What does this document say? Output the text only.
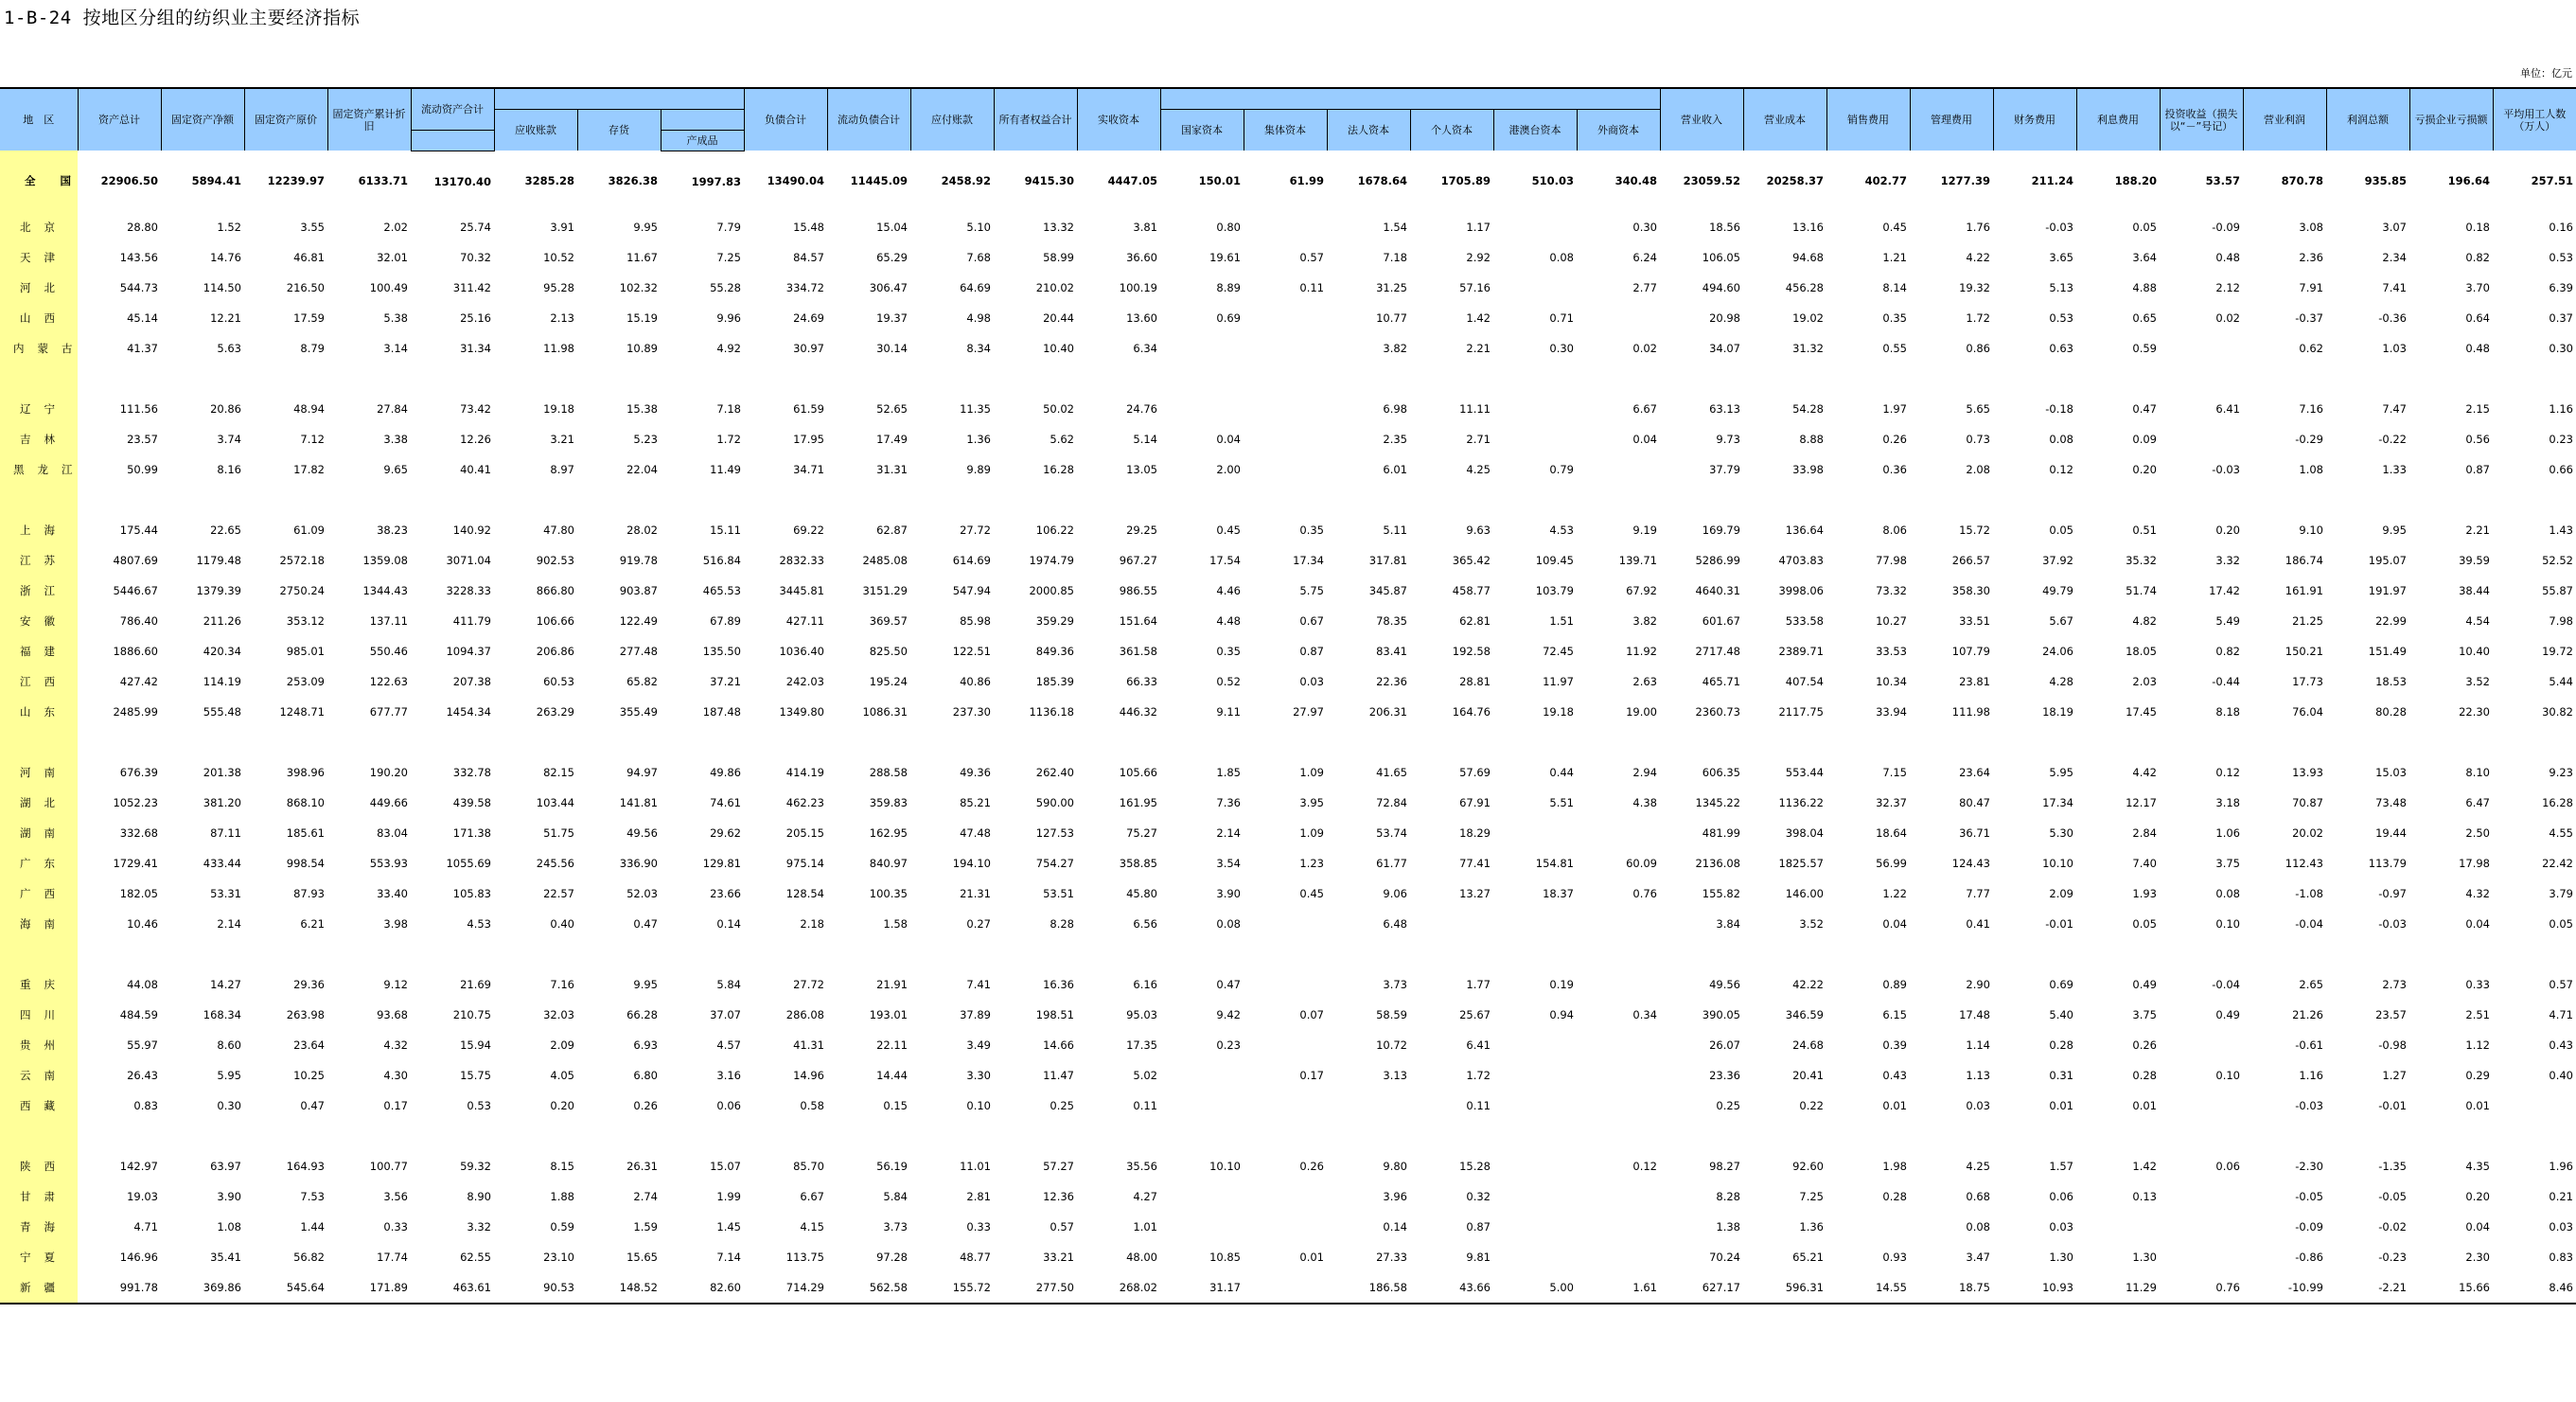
1-B-24 按地区分组的纺织业主要经济指标
单位：亿元
地　区	资产总计	固定资产净额	固定资产原价	固定资产累计折旧	流动资产合计				负债合计	流动负债合计	应付账款	所有者权益合计	实收资本							营业收入	营业成本	销售费用	管理费用	财务费用	利息费用	投资收益（损失以“－”号记）	营业利润	利润总额	亏损企业亏损额	平均用工人数（万人）
						应收账款	存货							国家资本	集体资本	法人资本	个人资本	港澳台资本	外商资本											
								产成品																						
全国	22906.50	5894.41	12239.97	6133.71	13170.40	3285.28	3826.38	1997.83	13490.04	11445.09	2458.92	9415.30	4447.05	150.01	61.99	1678.64	1705.89	510.03	340.48	23059.52	20258.37	402.77	1277.39	211.24	188.20	53.57	870.78	935.85	196.64	257.51
北京	28.80	1.52	3.55	2.02	25.74	3.91	9.95	7.79	15.48	15.04	5.10	13.32	3.81	0.80		1.54	1.17		0.30	18.56	13.16	0.45	1.76	-0.03	0.05	-0.09	3.08	3.07	0.18	0.16
天津	143.56	14.76	46.81	32.01	70.32	10.52	11.67	7.25	84.57	65.29	7.68	58.99	36.60	19.61	0.57	7.18	2.92	0.08	6.24	106.05	94.68	1.21	4.22	3.65	3.64	0.48	2.36	2.34	0.82	0.53
河北	544.73	114.50	216.50	100.49	311.42	95.28	102.32	55.28	334.72	306.47	64.69	210.02	100.19	8.89	0.11	31.25	57.16		2.77	494.60	456.28	8.14	19.32	5.13	4.88	2.12	7.91	7.41	3.70	6.39
山西	45.14	12.21	17.59	5.38	25.16	2.13	15.19	9.96	24.69	19.37	4.98	20.44	13.60	0.69		10.77	1.42	0.71		20.98	19.02	0.35	1.72	0.53	0.65	0.02	-0.37	-0.36	0.64	0.37
内蒙古	41.37	5.63	8.79	3.14	31.34	11.98	10.89	4.92	30.97	30.14	8.34	10.40	6.34			3.82	2.21	0.30	0.02	34.07	31.32	0.55	0.86	0.63	0.59		0.62	1.03	0.48	0.30

辽宁	111.56	20.86	48.94	27.84	73.42	19.18	15.38	7.18	61.59	52.65	11.35	50.02	24.76			6.98	11.11		6.67	63.13	54.28	1.97	5.65	-0.18	0.47	6.41	7.16	7.47	2.15	1.16
吉林	23.57	3.74	7.12	3.38	12.26	3.21	5.23	1.72	17.95	17.49	1.36	5.62	5.14	0.04		2.35	2.71		0.04	9.73	8.88	0.26	0.73	0.08	0.09		-0.29	-0.22	0.56	0.23
黑龙江	50.99	8.16	17.82	9.65	40.41	8.97	22.04	11.49	34.71	31.31	9.89	16.28	13.05	2.00		6.01	4.25	0.79		37.79	33.98	0.36	2.08	0.12	0.20	-0.03	1.08	1.33	0.87	0.66

上海	175.44	22.65	61.09	38.23	140.92	47.80	28.02	15.11	69.22	62.87	27.72	106.22	29.25	0.45	0.35	5.11	9.63	4.53	9.19	169.79	136.64	8.06	15.72	0.05	0.51	0.20	9.10	9.95	2.21	1.43
江苏	4807.69	1179.48	2572.18	1359.08	3071.04	902.53	919.78	516.84	2832.33	2485.08	614.69	1974.79	967.27	17.54	17.34	317.81	365.42	109.45	139.71	5286.99	4703.83	77.98	266.57	37.92	35.32	3.32	186.74	195.07	39.59	52.52
浙江	5446.67	1379.39	2750.24	1344.43	3228.33	866.80	903.87	465.53	3445.81	3151.29	547.94	2000.85	986.55	4.46	5.75	345.87	458.77	103.79	67.92	4640.31	3998.06	73.32	358.30	49.79	51.74	17.42	161.91	191.97	38.44	55.87
安徽	786.40	211.26	353.12	137.11	411.79	106.66	122.49	67.89	427.11	369.57	85.98	359.29	151.64	4.48	0.67	78.35	62.81	1.51	3.82	601.67	533.58	10.27	33.51	5.67	4.82	5.49	21.25	22.99	4.54	7.98
福建	1886.60	420.34	985.01	550.46	1094.37	206.86	277.48	135.50	1036.40	825.50	122.51	849.36	361.58	0.35	0.87	83.41	192.58	72.45	11.92	2717.48	2389.71	33.53	107.79	24.06	18.05	0.82	150.21	151.49	10.40	19.72
江西	427.42	114.19	253.09	122.63	207.38	60.53	65.82	37.21	242.03	195.24	40.86	185.39	66.33	0.52	0.03	22.36	28.81	11.97	2.63	465.71	407.54	10.34	23.81	4.28	2.03	-0.44	17.73	18.53	3.52	5.44
山东	2485.99	555.48	1248.71	677.77	1454.34	263.29	355.49	187.48	1349.80	1086.31	237.30	1136.18	446.32	9.11	27.97	206.31	164.76	19.18	19.00	2360.73	2117.75	33.94	111.98	18.19	17.45	8.18	76.04	80.28	22.30	30.82

河南	676.39	201.38	398.96	190.20	332.78	82.15	94.97	49.86	414.19	288.58	49.36	262.40	105.66	1.85	1.09	41.65	57.69	0.44	2.94	606.35	553.44	7.15	23.64	5.95	4.42	0.12	13.93	15.03	8.10	9.23
湖北	1052.23	381.20	868.10	449.66	439.58	103.44	141.81	74.61	462.23	359.83	85.21	590.00	161.95	7.36	3.95	72.84	67.91	5.51	4.38	1345.22	1136.22	32.37	80.47	17.34	12.17	3.18	70.87	73.48	6.47	16.28
湖南	332.68	87.11	185.61	83.04	171.38	51.75	49.56	29.62	205.15	162.95	47.48	127.53	75.27	2.14	1.09	53.74	18.29			481.99	398.04	18.64	36.71	5.30	2.84	1.06	20.02	19.44	2.50	4.55
广东	1729.41	433.44	998.54	553.93	1055.69	245.56	336.90	129.81	975.14	840.97	194.10	754.27	358.85	3.54	1.23	61.77	77.41	154.81	60.09	2136.08	1825.57	56.99	124.43	10.10	7.40	3.75	112.43	113.79	17.98	22.42
广西	182.05	53.31	87.93	33.40	105.83	22.57	52.03	23.66	128.54	100.35	21.31	53.51	45.80	3.90	0.45	9.06	13.27	18.37	0.76	155.82	146.00	1.22	7.77	2.09	1.93	0.08	-1.08	-0.97	4.32	3.79
海南	10.46	2.14	6.21	3.98	4.53	0.40	0.47	0.14	2.18	1.58	0.27	8.28	6.56	0.08		6.48				3.84	3.52	0.04	0.41	-0.01	0.05	0.10	-0.04	-0.03	0.04	0.05

重庆	44.08	14.27	29.36	9.12	21.69	7.16	9.95	5.84	27.72	21.91	7.41	16.36	6.16	0.47		3.73	1.77	0.19		49.56	42.22	0.89	2.90	0.69	0.49	-0.04	2.65	2.73	0.33	0.57
四川	484.59	168.34	263.98	93.68	210.75	32.03	66.28	37.07	286.08	193.01	37.89	198.51	95.03	9.42	0.07	58.59	25.67	0.94	0.34	390.05	346.59	6.15	17.48	5.40	3.75	0.49	21.26	23.57	2.51	4.71
贵州	55.97	8.60	23.64	4.32	15.94	2.09	6.93	4.57	41.31	22.11	3.49	14.66	17.35	0.23		10.72	6.41			26.07	24.68	0.39	1.14	0.28	0.26		-0.61	-0.98	1.12	0.43
云南	26.43	5.95	10.25	4.30	15.75	4.05	6.80	3.16	14.96	14.44	3.30	11.47	5.02		0.17	3.13	1.72			23.36	20.41	0.43	1.13	0.31	0.28	0.10	1.16	1.27	0.29	0.40
西藏	0.83	0.30	0.47	0.17	0.53	0.20	0.26	0.06	0.58	0.15	0.10	0.25	0.11				0.11			0.25	0.22	0.01	0.03	0.01	0.01		-0.03	-0.01	0.01	

陕西	142.97	63.97	164.93	100.77	59.32	8.15	26.31	15.07	85.70	56.19	11.01	57.27	35.56	10.10	0.26	9.80	15.28		0.12	98.27	92.60	1.98	4.25	1.57	1.42	0.06	-2.30	-1.35	4.35	1.96
甘肃	19.03	3.90	7.53	3.56	8.90	1.88	2.74	1.99	6.67	5.84	2.81	12.36	4.27			3.96	0.32			8.28	7.25	0.28	0.68	0.06	0.13		-0.05	-0.05	0.20	0.21
青海	4.71	1.08	1.44	0.33	3.32	0.59	1.59	1.45	4.15	3.73	0.33	0.57	1.01			0.14	0.87			1.38	1.36		0.08	0.03			-0.09	-0.02	0.04	0.03
宁夏	146.96	35.41	56.82	17.74	62.55	23.10	15.65	7.14	113.75	97.28	48.77	33.21	48.00	10.85	0.01	27.33	9.81			70.24	65.21	0.93	3.47	1.30	1.30		-0.86	-0.23	2.30	0.83
新疆	991.78	369.86	545.64	171.89	463.61	90.53	148.52	82.60	714.29	562.58	155.72	277.50	268.02	31.17		186.58	43.66	5.00	1.61	627.17	596.31	14.55	18.75	10.93	11.29	0.76	-10.99	-2.21	15.66	8.46
